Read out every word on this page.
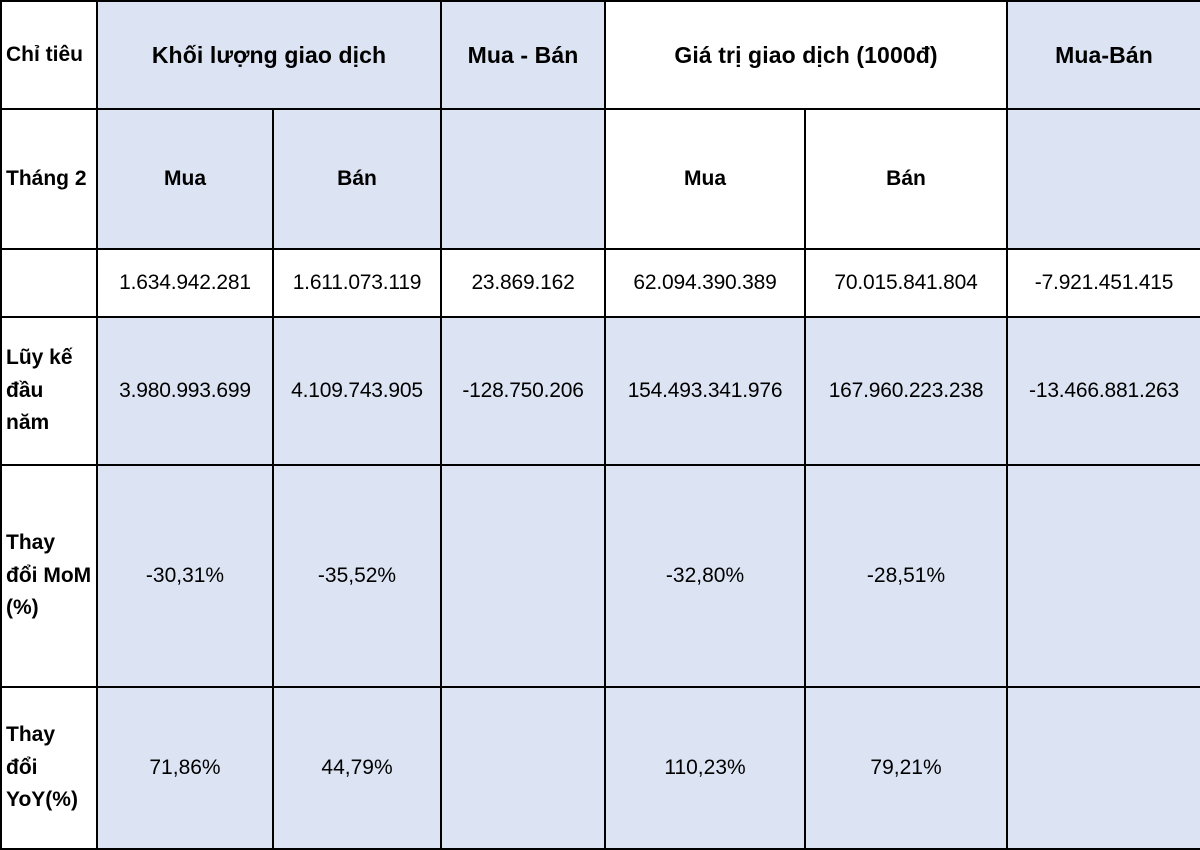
Chỉ tiêu	Khối lượng giao dịch		Mua - Bán	Giá trị giao dịch (1000đ)		Mua-Bán
Tháng 2	Mua	Bán		Mua	Bán	
	1.634.942.281	1.611.073.119	23.869.162	62.094.390.389	70.015.841.804	-7.921.451.415
Lũy kế đầu năm	3.980.993.699	4.109.743.905	-128.750.206	154.493.341.976	167.960.223.238	-13.466.881.263
Thay đổi MoM (%)	-30,31%	-35,52%		-32,80%	-28,51%	
Thay đổi YoY(%)	71,86%	44,79%		110,23%	79,21%	
